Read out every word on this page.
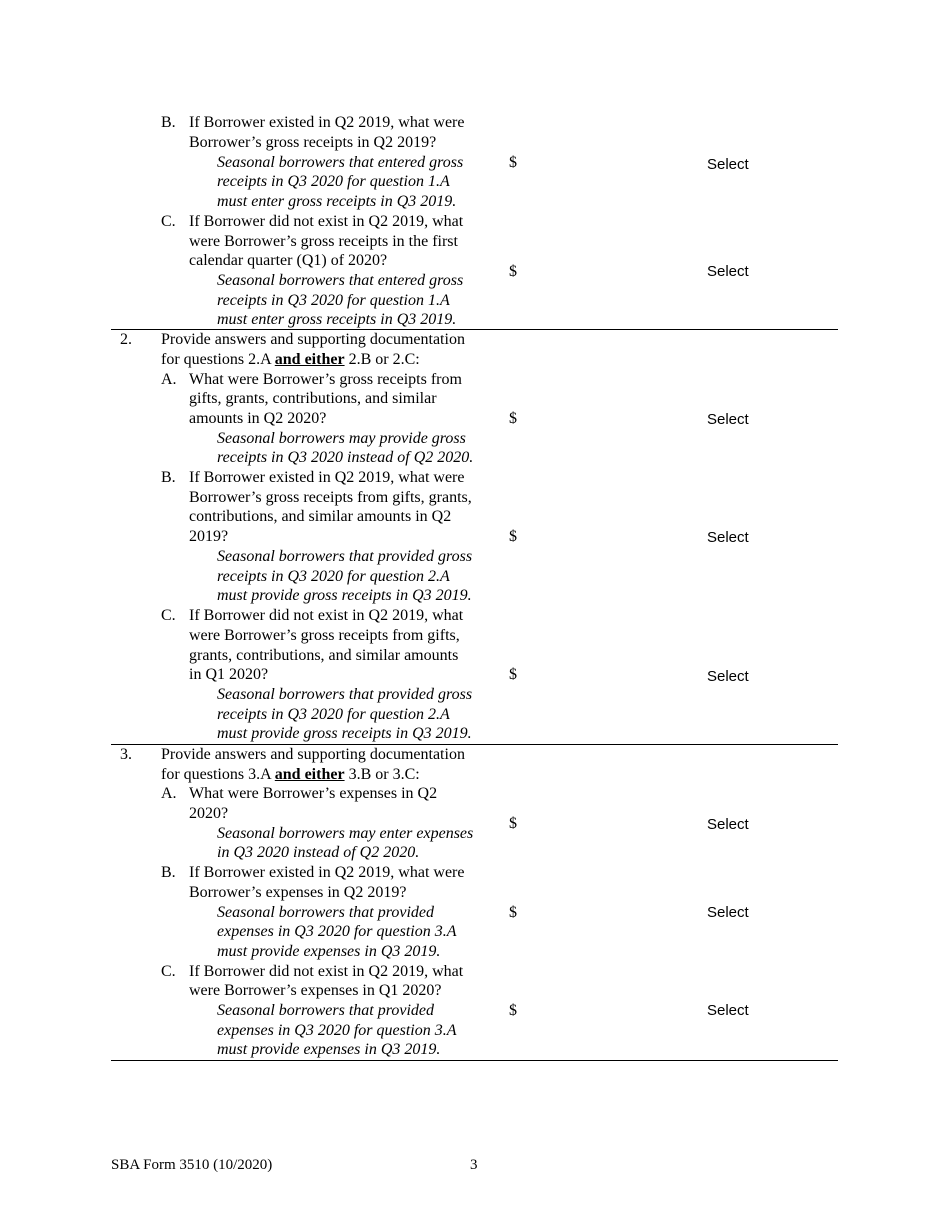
B. If Borrower existed in Q2 2019, what were
Borrower’s gross receipts in Q2 2019?
Seasonal borrowers that entered gross
receipts in Q3 2020 for question 1.A
must enter gross receipts in Q3 2019.
$	Select
C. If Borrower did not exist in Q2 2019, what
were Borrower’s gross receipts in the first
calendar quarter (Q1) of 2020?
Seasonal borrowers that entered gross
receipts in Q3 2020 for question 1.A
must enter gross receipts in Q3 2019.
$	Select
2. Provide answers and supporting documentation
for questions 2.A and either 2.B or 2.C:
A. What were Borrower’s gross receipts from
gifts, grants, contributions, and similar
amounts in Q2 2020?
Seasonal borrowers may provide gross
receipts in Q3 2020 instead of Q2 2020.
$	Select
B. If Borrower existed in Q2 2019, what were
Borrower’s gross receipts from gifts, grants,
contributions, and similar amounts in Q2
2019?
Seasonal borrowers that provided gross
receipts in Q3 2020 for question 2.A
must provide gross receipts in Q3 2019.
$	Select
C. If Borrower did not exist in Q2 2019, what
were Borrower’s gross receipts from gifts,
grants, contributions, and similar amounts
in Q1 2020?
Seasonal borrowers that provided gross
receipts in Q3 2020 for question 2.A
must provide gross receipts in Q3 2019.
$	Select
3. Provide answers and supporting documentation
for questions 3.A and either 3.B or 3.C:
A. What were Borrower’s expenses in Q2
2020?
Seasonal borrowers may enter expenses
in Q3 2020 instead of Q2 2020.
$	Select
B. If Borrower existed in Q2 2019, what were
Borrower’s expenses in Q2 2019?
Seasonal borrowers that provided
expenses in Q3 2020 for question 3.A
must provide expenses in Q3 2019.
$	Select
C. If Borrower did not exist in Q2 2019, what
were Borrower’s expenses in Q1 2020?
Seasonal borrowers that provided
expenses in Q3 2020 for question 3.A
must provide expenses in Q3 2019.
$	Select
SBA Form 3510 (10/2020)	3
